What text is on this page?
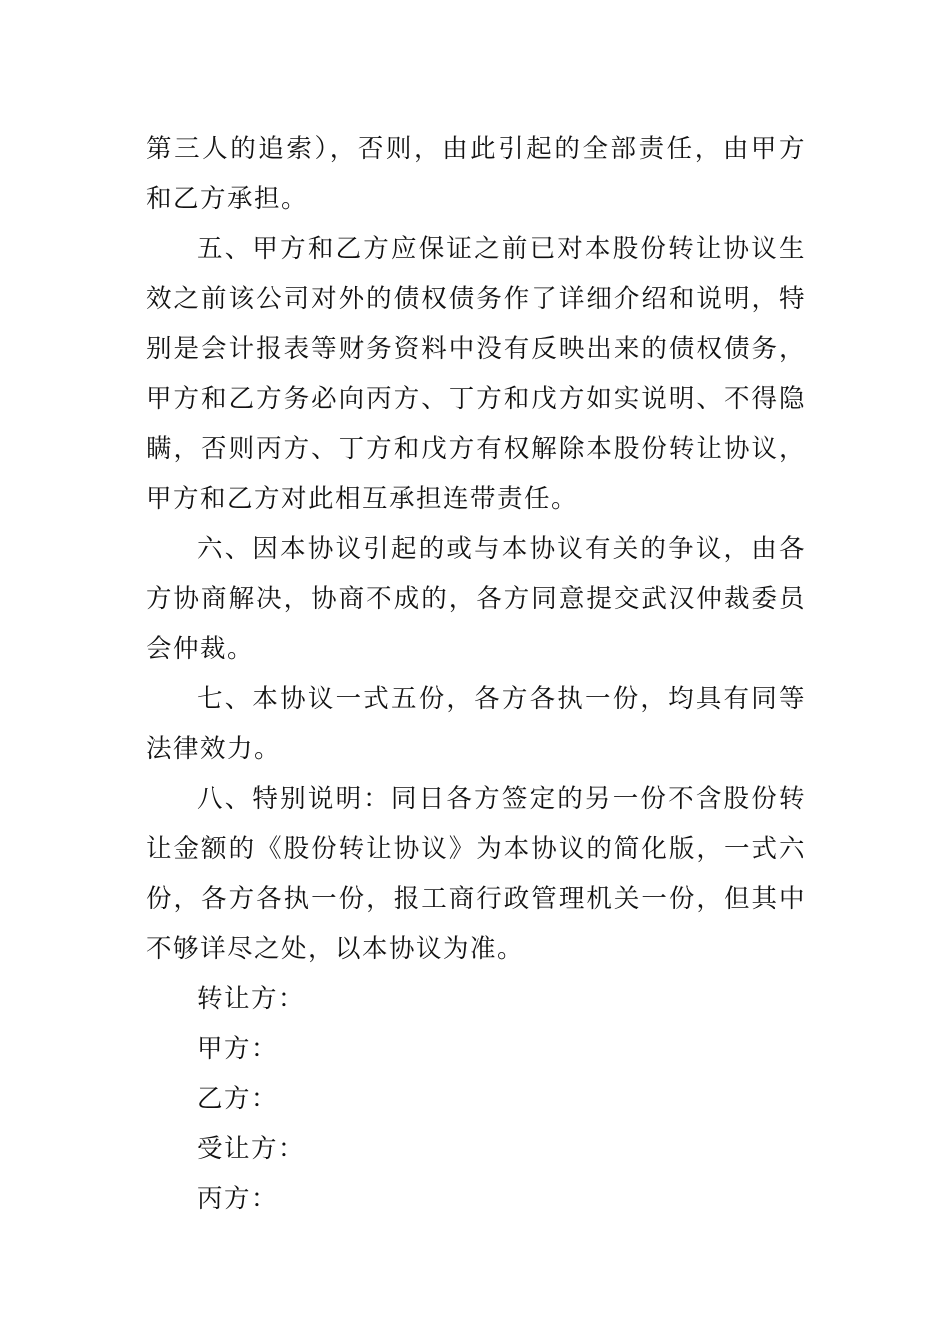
第三人的追索），否则，由此引起的全部责任，由甲方和乙方承担。

五、甲方和乙方应保证之前已对本股份转让协议生效之前该公司对外的债权债务作了详细介绍和说明，特别是会计报表等财务资料中没有反映出来的债权债务，甲方和乙方务必向丙方、丁方和戊方如实说明、不得隐瞒，否则丙方、丁方和戊方有权解除本股份转让协议，甲方和乙方对此相互承担连带责任。

六、因本协议引起的或与本协议有关的争议，由各方协商解决，协商不成的，各方同意提交武汉仲裁委员会仲裁。

七、本协议一式五份，各方各执一份，均具有同等法律效力。

八、特别说明：同日各方签定的另一份不含股份转让金额的《股份转让协议》为本协议的简化版，一式六份，各方各执一份，报工商行政管理机关一份，但其中不够详尽之处，以本协议为准。

转让方：

甲方：

乙方：

受让方：

丙方：
